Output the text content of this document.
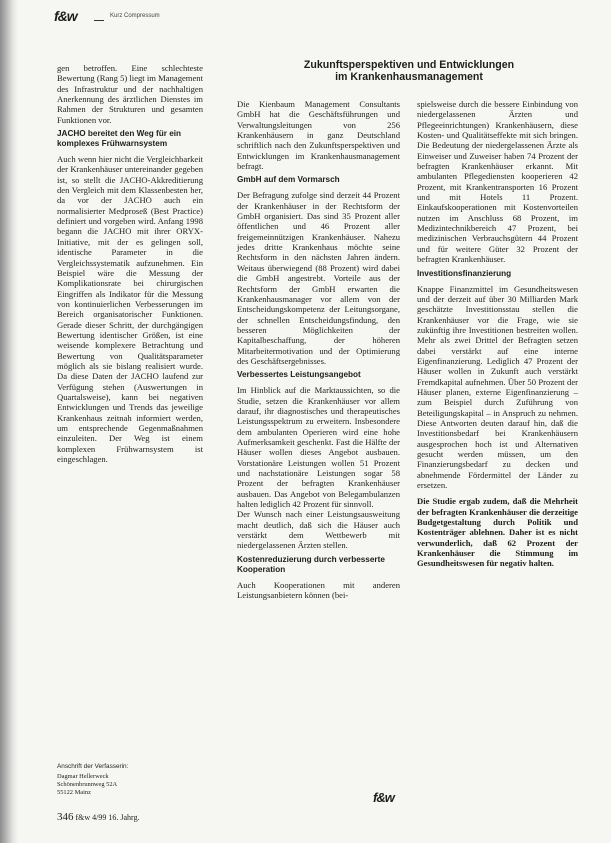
f&w	Kurz Compressum
Zukunftsperspektiven und Entwicklungen
im Krankenhausmanagement

gen betroffen. Eine schlechteste Bewertung (Rang 5) liegt im Management des Infrastruktur und der nachhaltigen Anerkennung des ärztlichen Dienstes im Rahmen der Strukturen und gesamten Funktionen vor.

JACHO bereitet den Weg für ein komplexes Frühwarnsystem

Auch wenn hier nicht die Vergleichbarkeit der Krankenhäuser untereinander gegeben ist, so stellt die JACHO-Akkreditierung den Vergleich mit dem Klassenbesten her, da vor der JACHO auch ein normalisierter Medproseß (Best Practice) definiert und vorgeben wird. Anfang 1998 begann die JACHO mit ihrer ORYX-Initiative, mit der es gelingen soll, identische Parameter in die Vergleichssystematik aufzunehmen. Ein Beispiel wäre die Messung der Komplikationsrate bei chirurgischen Eingriffen als Indikator für die Messung von kontinuierlichen Verbesserungen im Bereich organisatorischer Funktionen. Gerade dieser Schritt, der durchgängigen Bewertung identischer Größen, ist eine weisende komplexere Betrachtung und Bewertung von Qualitätsparameter möglich als sie bislang realisiert wurde. Da diese Daten der JACHO laufend zur Verfügung stehen (Auswertungen in Quartalsweise), kann bei negativen Entwicklungen und Trends das jeweilige Krankenhaus zeitnah informiert werden, um entsprechende Gegenmaßnahmen einzuleiten. Der Weg ist einem komplexen Frühwarnsystem ist eingeschlagen.

Die Kienbaum Management Consultants GmbH hat die Geschäftsführungen und Verwaltungsleitungen von 256 Krankenhäusern in ganz Deutschland schriftlich nach den Zukunftsperspektiven und Entwicklungen im Krankenhausmanagement befragt.

GmbH auf dem Vormarsch

Der Befragung zufolge sind derzeit 44 Prozent der Krankenhäuser in der Rechtsform der GmbH organisiert. Das sind 35 Prozent aller öffentlichen und 46 Prozent aller freigemeinnützigen Krankenhäuser. Nahezu jedes dritte Krankenhaus möchte seine Rechtsform in den nächsten Jahren ändern. Weitaus überwiegend (88 Prozent) wird dabei die GmbH angestrebt. Vorteile aus der Rechtsform der GmbH erwarten die Krankenhausmanager vor allem von der Entscheidungskompetenz der Leitungsorgane, der schnellen Entscheidungsfindung, den besseren Möglichkeiten der Kapitalbeschaffung, der höheren Mitarbeitermotivation und der Optimierung des Geschäftsergebnisses.

Verbessertes Leistungsangebot

Im Hinblick auf die Marktaussichten, so die Studie, setzen die Krankenhäuser vor allem darauf, ihr diagnostisches und therapeutisches Leistungsspektrum zu erweitern. Insbesondere dem ambulanten Operieren wird eine hohe Aufmerksamkeit geschenkt. Fast die Hälfte der Häuser wollen dieses Angebot ausbauen. Vorstationäre Leistungen wollen 51 Prozent und nachstationäre Leistungen sogar 58 Prozent der befragten Krankenhäuser ausbauen. Das Angebot von Belegambulanzen halten lediglich 42 Prozent für sinnvoll.

Der Wunsch nach einer Leistungsausweitung macht deutlich, daß sich die Häuser auch verstärkt dem Wettbewerb mit niedergelassenen Ärzten stellen.

Kostenreduzierung durch verbesserte Kooperation

Auch Kooperationen mit anderen Leistungsanbietern können (bei-

spielsweise durch die bessere Einbindung von niedergelassenen Ärzten und Pflegeeinrichtungen) Krankenhäusern, diese Kosten- und Qualitätseffekte mit sich bringen. Die Bedeutung der niedergelassenen Ärzte als Einweiser und Zuweiser haben 74 Prozent der befragten Krankenhäuser erkannt. Mit ambulanten Pflegediensten kooperieren 42 Prozent, mit Krankentransporten 16 Prozent und mit Hotels 11 Prozent. Einkaufskooperationen mit Kostenvorteilen nutzen im Anschluss 68 Prozent, im Medizintechnikbereich 47 Prozent, bei medizinischen Verbrauchsgütern 44 Prozent und für weitere Güter 32 Prozent der befragten Krankenhäuser.

Investitionsfinanzierung

Knappe Finanzmittel im Gesundheitswesen und der derzeit auf über 30 Milliarden Mark geschätzte Investitionsstau stellen die Krankenhäuser vor die Frage, wie sie zukünftig ihre Investitionen bestreiten wollen. Mehr als zwei Drittel der Befragten setzen dabei verstärkt auf eine interne Eigenfinanzierung. Lediglich 47 Prozent der Häuser wollen in Zukunft auch verstärkt Fremdkapital aufnehmen. Über 50 Prozent der Häuser planen, externe Eigenfinanzierung – zum Beispiel durch Zuführung von Beteiligungskapital – in Anspruch zu nehmen. Diese Antworten deuten darauf hin, daß die Investitionsbedarf bei Krankenhäusern ausgesprochen hoch ist und Alternativen gesucht werden müssen, um den Finanzierungsbedarf zu decken und abnehmende Fördermittel der Länder zu ersetzen.

Die Studie ergab zudem, daß die Mehrheit der befragten Krankenhäuser die derzeitige Budgetgestaltung durch Politik und Kostenträger ablehnen. Daher ist es nicht verwunderlich, daß 62 Prozent der Krankenhäuser die Stimmung im Gesundheitswesen für negativ halten.

Anschrift der Verfasserin:
Dagmar Hellerweck
Schönenbrunnweg 52A
55122 Mainz
346 f&w 4/99 16. Jahrg.
f&w
